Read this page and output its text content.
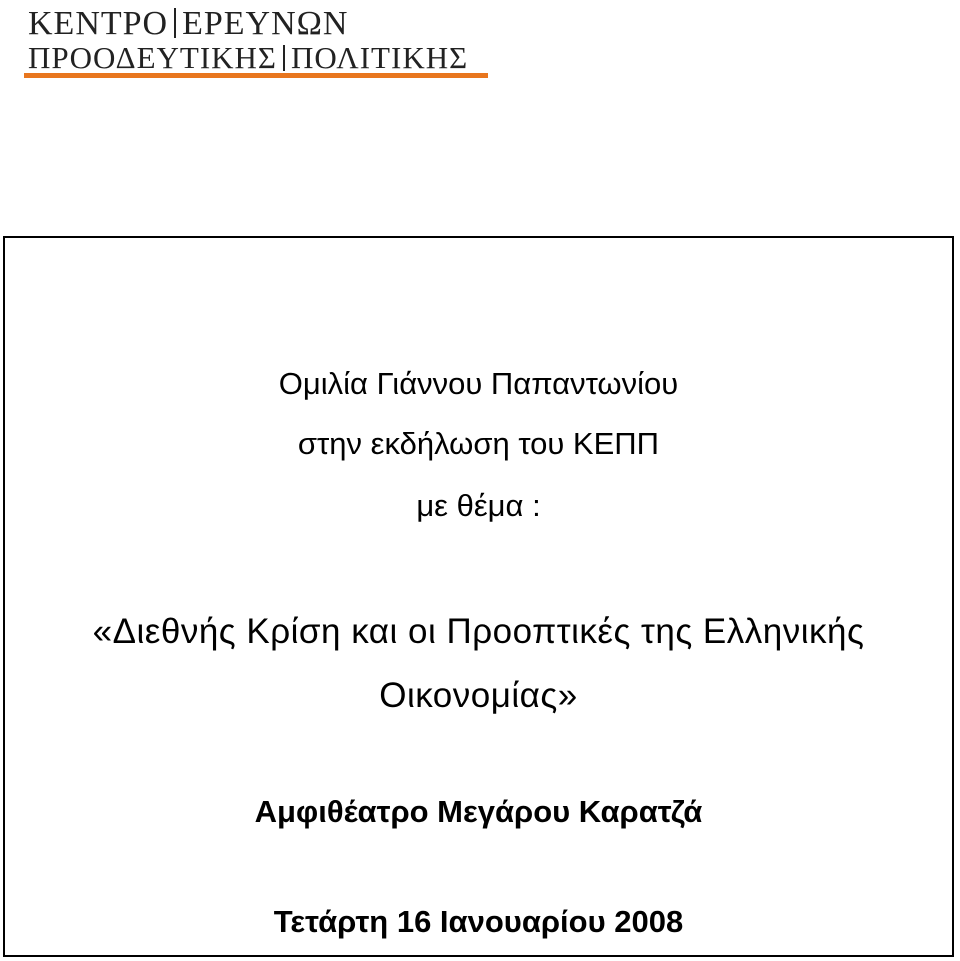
ΚΕΝΤΡΟ ΕΡΕΥΝΩΝ
ΠΡΟΟΔΕΥΤΙΚΗΣ ΠΟΛΙΤΙΚΗΣ
Ομιλία Γιάννου Παπαντωνίου
στην εκδήλωση του ΚΕΠΠ
με θέμα :
«Διεθνής Κρίση και οι Προοπτικές της Ελληνικής
Οικονομίας»
Αμφιθέατρο Μεγάρου Καρατζά
Τετάρτη 16 Ιανουαρίου 2008
